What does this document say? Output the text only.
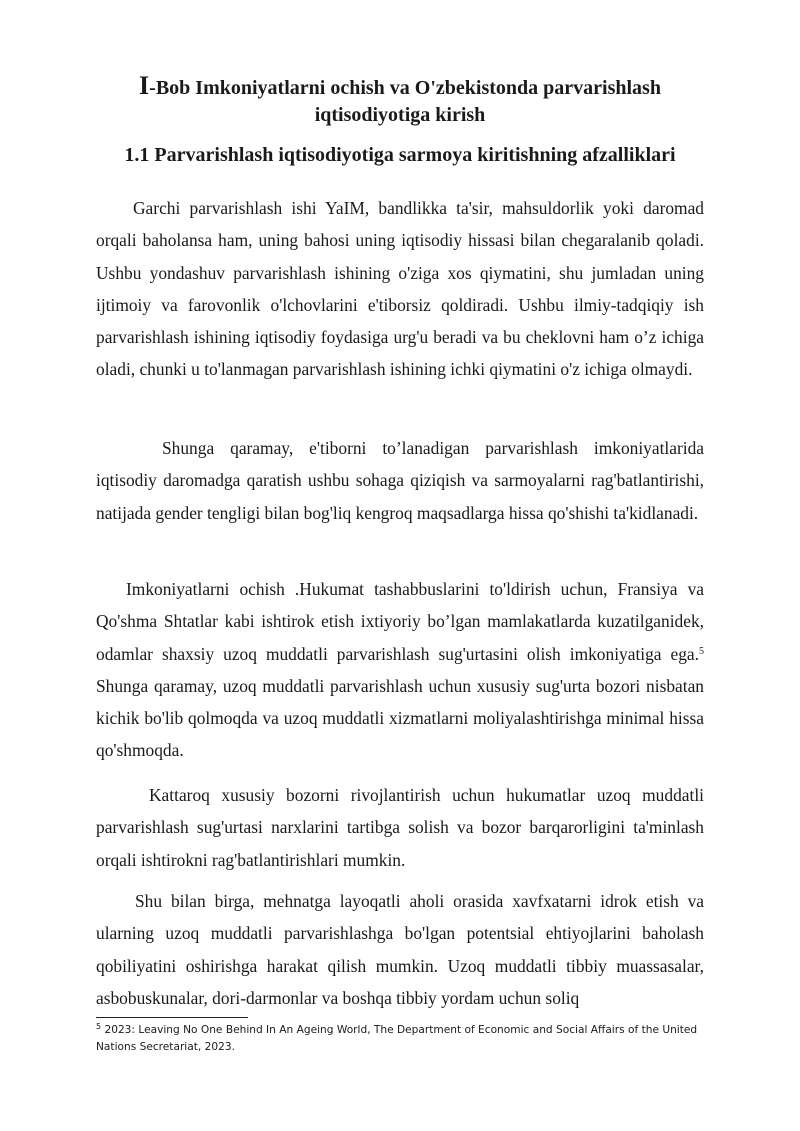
I-Bob Imkoniyatlarni ochish va O'zbekistonda parvarishlash iqtisodiyotiga kirish
1.1 Parvarishlash iqtisodiyotiga sarmoya kiritishning afzalliklari

Garchi parvarishlash ishi YaIM, bandlikka ta'sir, mahsuldorlik yoki daromad orqali baholansa ham, uning bahosi uning iqtisodiy hissasi bilan chegaralanib qoladi. Ushbu yondashuv parvarishlash ishining o'ziga xos qiymatini, shu jumladan uning ijtimoiy va farovonlik o'lchovlarini e'tiborsiz qoldiradi. Ushbu ilmiy-tadqiqiy ish parvarishlash ishining iqtisodiy foydasiga urg'u beradi va bu cheklovni ham o’z ichiga oladi, chunki u to'lanmagan parvarishlash ishining ichki qiymatini o'z ichiga olmaydi.

Shunga qaramay, e'tiborni to’lanadigan parvarishlash imkoniyatlarida iqtisodiy daromadga qaratish ushbu sohaga qiziqish va sarmoyalarni rag'batlantirishi, natijada gender tengligi bilan bog'liq kengroq maqsadlarga hissa qo'shishi ta'kidlanadi.

Imkoniyatlarni ochish .Hukumat tashabbuslarini to'ldirish uchun, Fransiya va Qo'shma Shtatlar kabi ishtirok etish ixtiyoriy bo’lgan mamlakatlarda kuzatilganidek, odamlar shaxsiy uzoq muddatli parvarishlash sug'urtasini olish imkoniyatiga ega.$^5$ Shunga qaramay, uzoq muddatli parvarishlash uchun xususiy sug'urta bozori nisbatan kichik bo'lib qolmoqda va uzoq muddatli xizmatlarni moliyalashtirishga minimal hissa qo'shmoqda.

Kattaroq xususiy bozorni rivojlantirish uchun hukumatlar uzoq muddatli parvarishlash sug'urtasi narxlarini tartibga solish va bozor barqarorligini ta'minlash orqali ishtirokni rag'batlantirishlari mumkin.

Shu bilan birga, mehnatga layoqatli aholi orasida xavfxatarni idrok etish va ularning uzoq muddatli parvarishlashga bo'lgan potentsial ehtiyojlarini baholash qobiliyatini oshirishga harakat qilish mumkin. Uzoq muddatli tibbiy muassasalar, asbobuskunalar, dori-darmonlar va boshqa tibbiy yordam uchun soliq

$^5$ 2023: Leaving No One Behind In An Ageing World, The Department of Economic and Social Affairs of the United Nations Secretariat, 2023.
